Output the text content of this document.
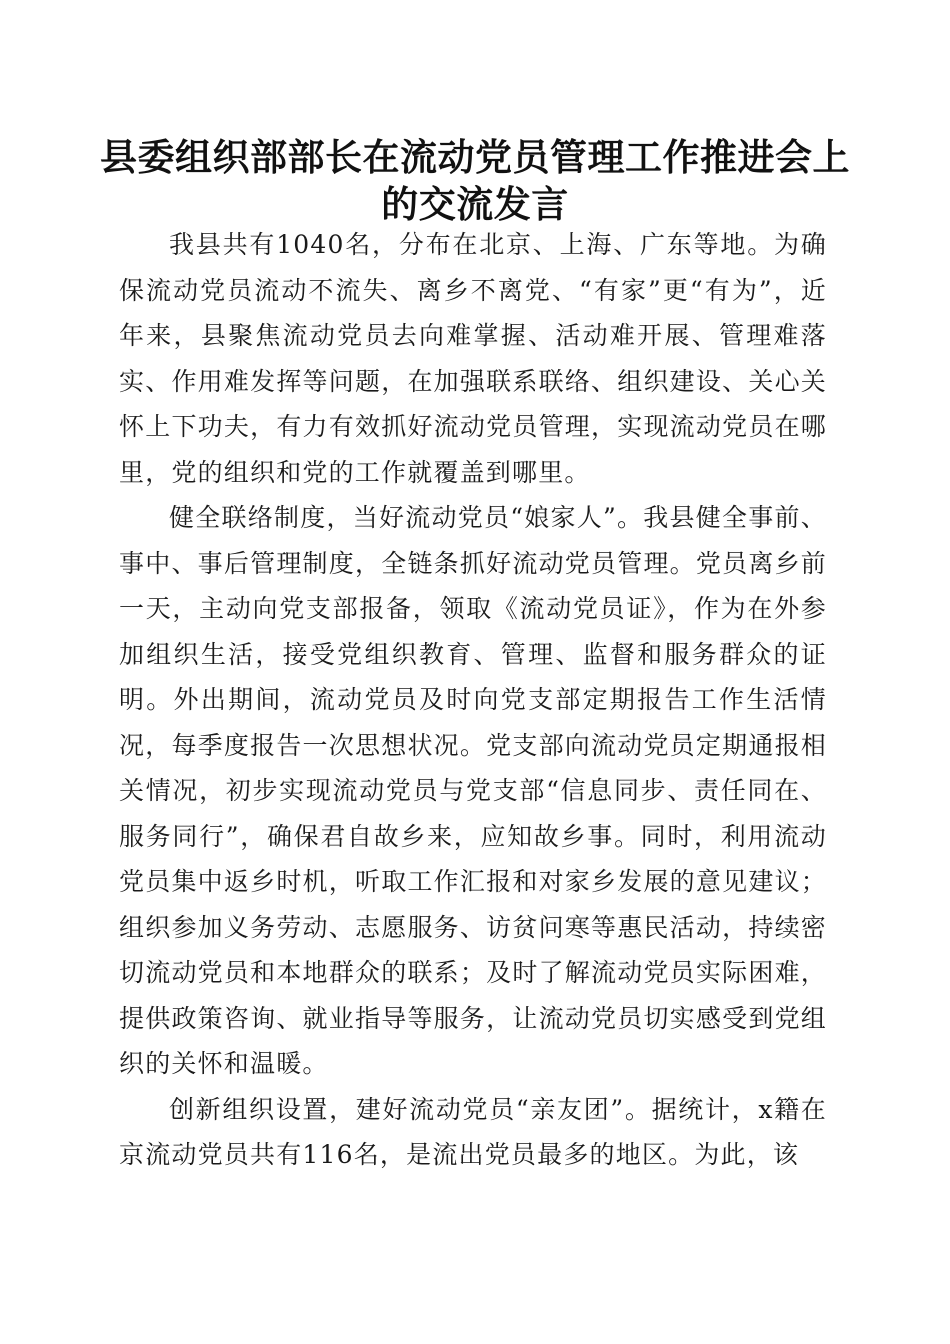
县委组织部部长在流动党员管理工作推进会上的交流发言

我县共有1040名，分布在北京、上海、广东等地。为确保流动党员流动不流失、离乡不离党、“有家”更“有为”，近年来，县聚焦流动党员去向难掌握、活动难开展、管理难落实、作用难发挥等问题，在加强联系联络、组织建设、关心关怀上下功夫，有力有效抓好流动党员管理，实现流动党员在哪里，党的组织和党的工作就覆盖到哪里。

健全联络制度，当好流动党员“娘家人”。我县健全事前、事中、事后管理制度，全链条抓好流动党员管理。党员离乡前一天，主动向党支部报备，领取《流动党员证》，作为在外参加组织生活，接受党组织教育、管理、监督和服务群众的证明。外出期间，流动党员及时向党支部定期报告工作生活情况，每季度报告一次思想状况。党支部向流动党员定期通报相关情况，初步实现流动党员与党支部“信息同步、责任同在、服务同行”，确保君自故乡来，应知故乡事。同时，利用流动党员集中返乡时机，听取工作汇报和对家乡发展的意见建议；组织参加义务劳动、志愿服务、访贫问寒等惠民活动，持续密切流动党员和本地群众的联系；及时了解流动党员实际困难，提供政策咨询、就业指导等服务，让流动党员切实感受到党组织的关怀和温暖。

创新组织设置，建好流动党员“亲友团”。据统计，x籍在京流动党员共有116名，是流出党员最多的地区。为此，该
